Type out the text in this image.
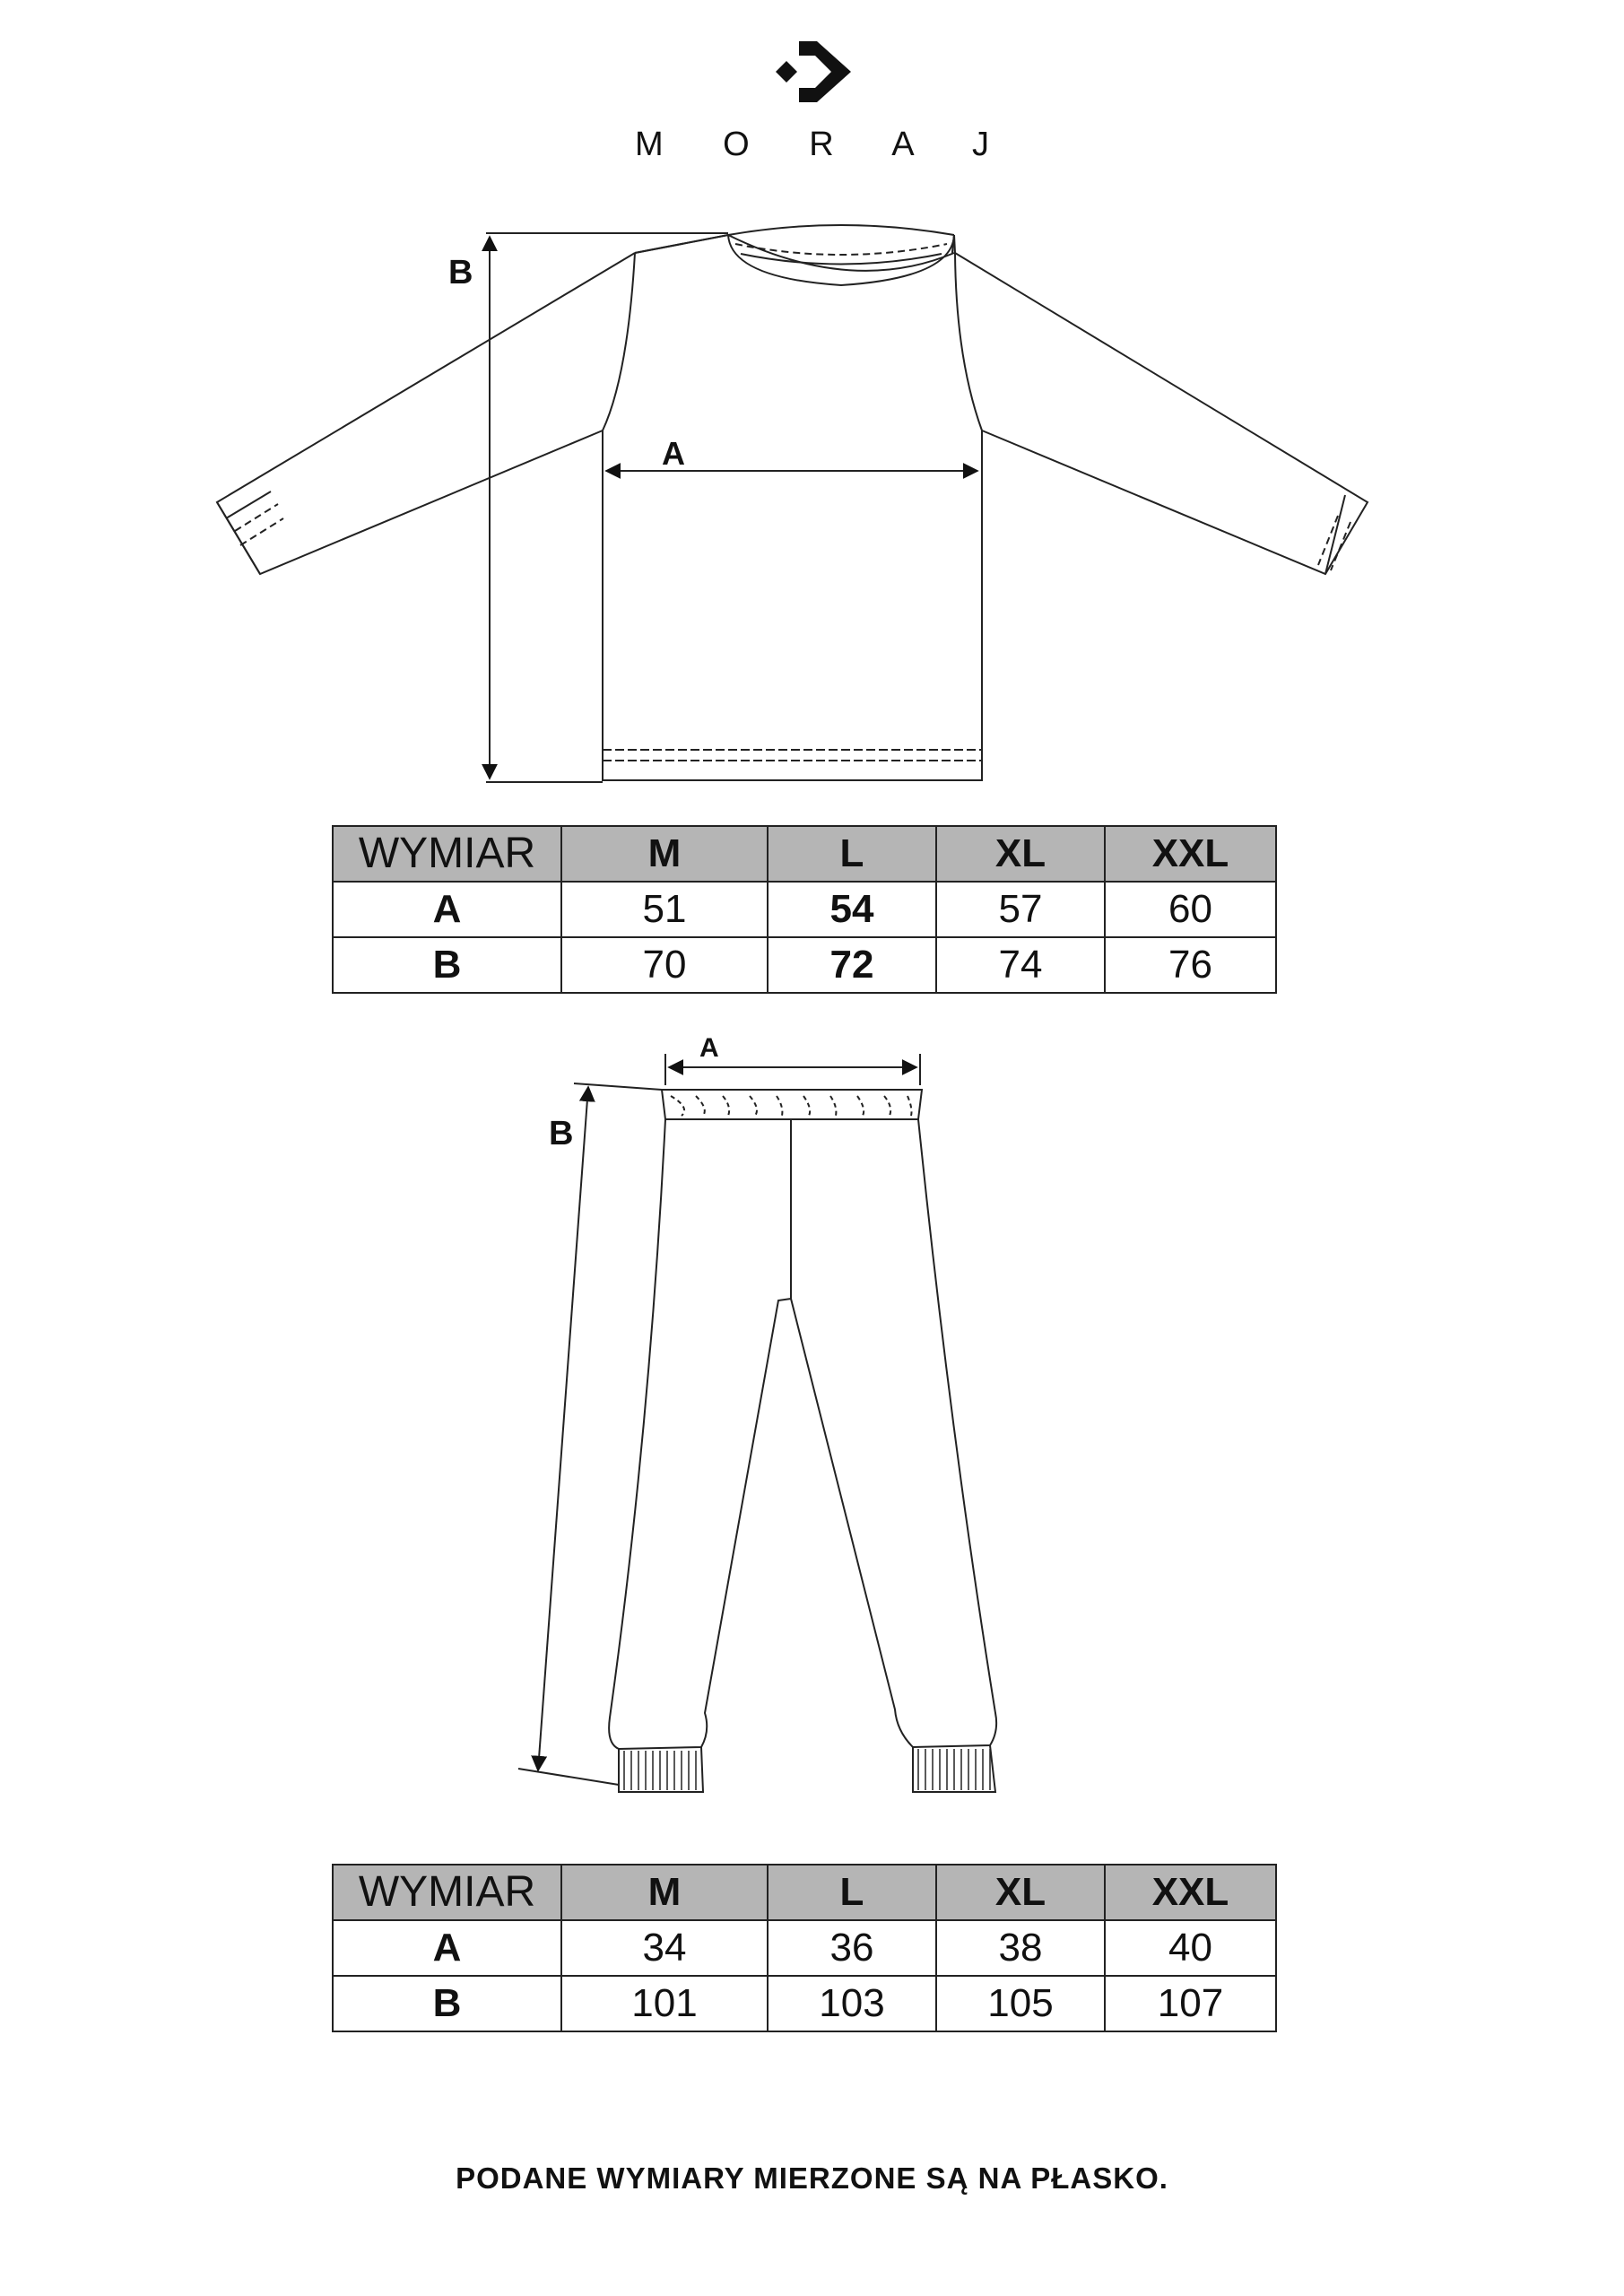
M O R A J
A
B
A
B
WYMIAR	M	L	XL	XXL
A	51	54	57	60
B	70	72	74	76
WYMIAR	M	L	XL	XXL
A	34	36	38	40
B	101	103	105	107
PODANE WYMIARY MIERZONE SĄ NA PŁASKO.
